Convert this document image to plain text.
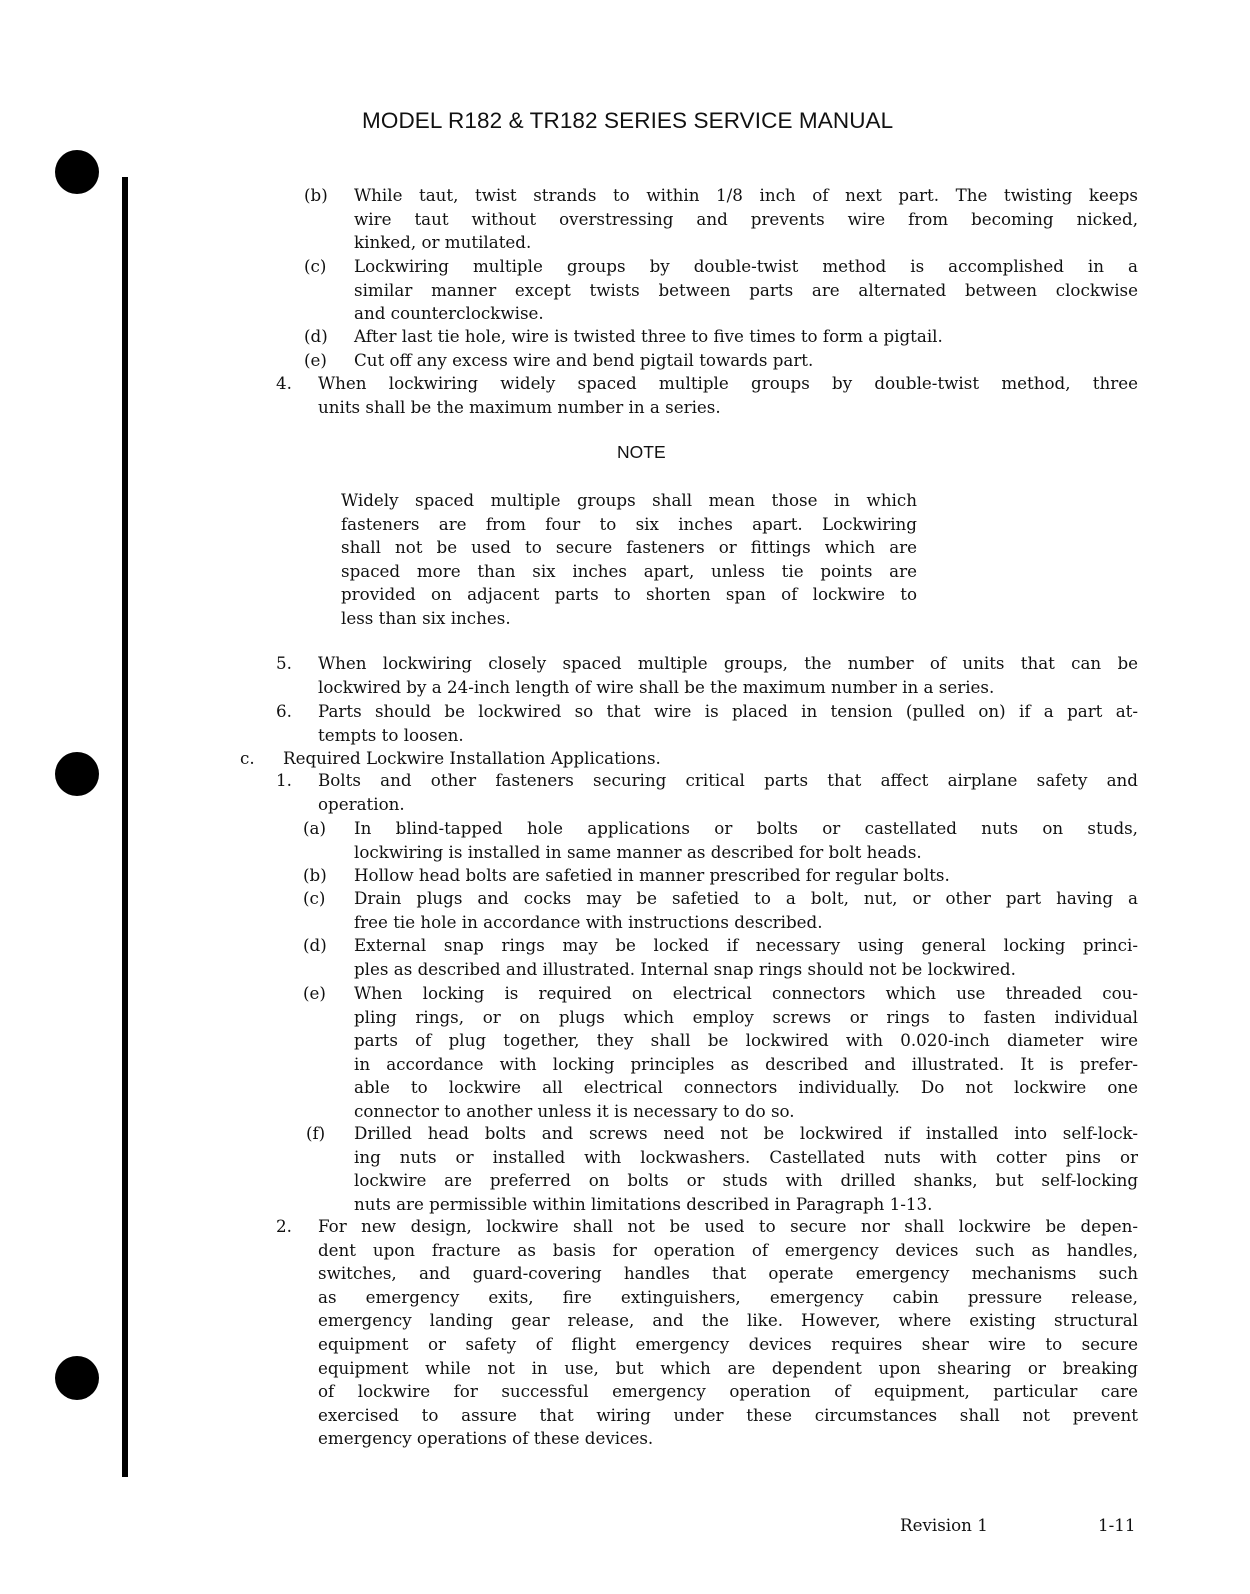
MODEL R182 & TR182 SERIES SERVICE MANUAL
NOTE
(b) While taut, twist strands to within 1/8 inch of next part. The twisting keeps
wire taut without overstressing and prevents wire from becoming nicked,
kinked, or mutilated.
(c) Lockwiring multiple groups by double-twist method is accomplished in a
similar manner except twists between parts are alternated between clockwise
and counterclockwise.
(d) After last tie hole, wire is twisted three to five times to form a pigtail.
(e) Cut off any excess wire and bend pigtail towards part.
4. When lockwiring widely spaced multiple groups by double-twist method, three
units shall be the maximum number in a series.
Widely spaced multiple groups shall mean those in which
fasteners are from four to six inches apart. Lockwiring
shall not be used to secure fasteners or fittings which are
spaced more than six inches apart, unless tie points are
provided on adjacent parts to shorten span of lockwire to
less than six inches.
5. When lockwiring closely spaced multiple groups, the number of units that can be
lockwired by a 24-inch length of wire shall be the maximum number in a series.
6. Parts should be lockwired so that wire is placed in tension (pulled on) if a part at-
tempts to loosen.
c. Required Lockwire Installation Applications.
1. Bolts and other fasteners securing critical parts that affect airplane safety and
operation.
(a) In blind-tapped hole applications or bolts or castellated nuts on studs,
lockwiring is installed in same manner as described for bolt heads.
(b) Hollow head bolts are safetied in manner prescribed for regular bolts.
(c) Drain plugs and cocks may be safetied to a bolt, nut, or other part having a
free tie hole in accordance with instructions described.
(d) External snap rings may be locked if necessary using general locking princi-
ples as described and illustrated. Internal snap rings should not be lockwired.
(e) When locking is required on electrical connectors which use threaded cou-
pling rings, or on plugs which employ screws or rings to fasten individual
parts of plug together, they shall be lockwired with 0.020-inch diameter wire
in accordance with locking principles as described and illustrated. It is prefer-
able to lockwire all electrical connectors individually. Do not lockwire one
connector to another unless it is necessary to do so.
(f) Drilled head bolts and screws need not be lockwired if installed into self-lock-
ing nuts or installed with lockwashers. Castellated nuts with cotter pins or
lockwire are preferred on bolts or studs with drilled shanks, but self-locking
nuts are permissible within limitations described in Paragraph 1-13.
2. For new design, lockwire shall not be used to secure nor shall lockwire be depen-
dent upon fracture as basis for operation of emergency devices such as handles,
switches, and guard-covering handles that operate emergency mechanisms such
as emergency exits, fire extinguishers, emergency cabin pressure release,
emergency landing gear release, and the like. However, where existing structural
equipment or safety of flight emergency devices requires shear wire to secure
equipment while not in use, but which are dependent upon shearing or breaking
of lockwire for successful emergency operation of equipment, particular care
exercised to assure that wiring under these circumstances shall not prevent
emergency operations of these devices.
Revision 1	1-11
